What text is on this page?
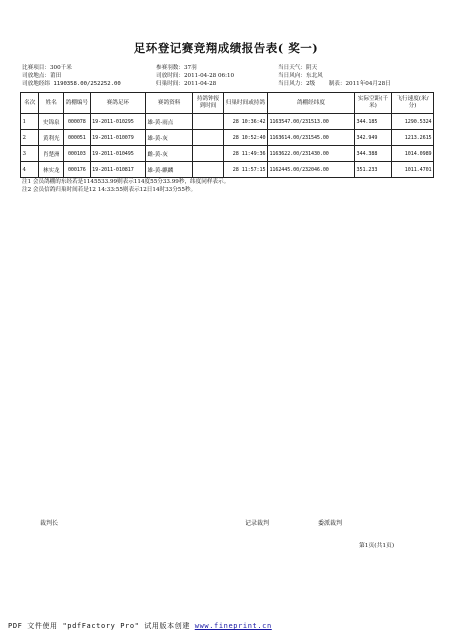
足环登记赛竞翔成绩报告表( 奖一)
比赛项目：300千米
司放地点：莆田
司放地经纬 1190358.00/252252.00
参赛羽数：37羽
司放时间：2011-04-28 06:10
归巢时间：2011-04-28
当日天气：阴天
当日风向：东北风
当日风力：2级 制表：2011年04月28日
名次	姓名	鸽棚编号	赛鸽足环	赛鸽资料	持鸽钟报到时间	归巢时间或持鸽	鸽棚经纬度	实际空距(千米)	飞行速度(米/分)
1	史锦泉	000078	19-2011-010295	雄-黄-雨点		28 10:36:42	1163547.00/231513.00	344.185	1290.5324
2	黄利光	000051	19-2011-010079	雄-黄-灰		28 10:52:40	1163614.00/231545.00	342.949	1213.2615
3	肖楚洲	000103	19-2011-010495	雌-黄-灰		28 11:49:36	1163622.00/231430.00	344.388	1014.0989
4	林实龙	000176	19-2011-010817	雄-黄-麒麟		28 11:57:15	1162445.00/232046.00	351.233	1011.4701
注1 会员鸽棚的东经若是1145533.99则表示114度55分33.99秒，纬度同样表示。
注2 会员信鸽归巢时间若是12 14:33:55则表示12日14时33分55秒。
裁判长	记录裁判	委派裁判
第1页(共1页)
PDF 文件使用 "pdfFactory Pro" 试用版本创建 www.fineprint.cn
